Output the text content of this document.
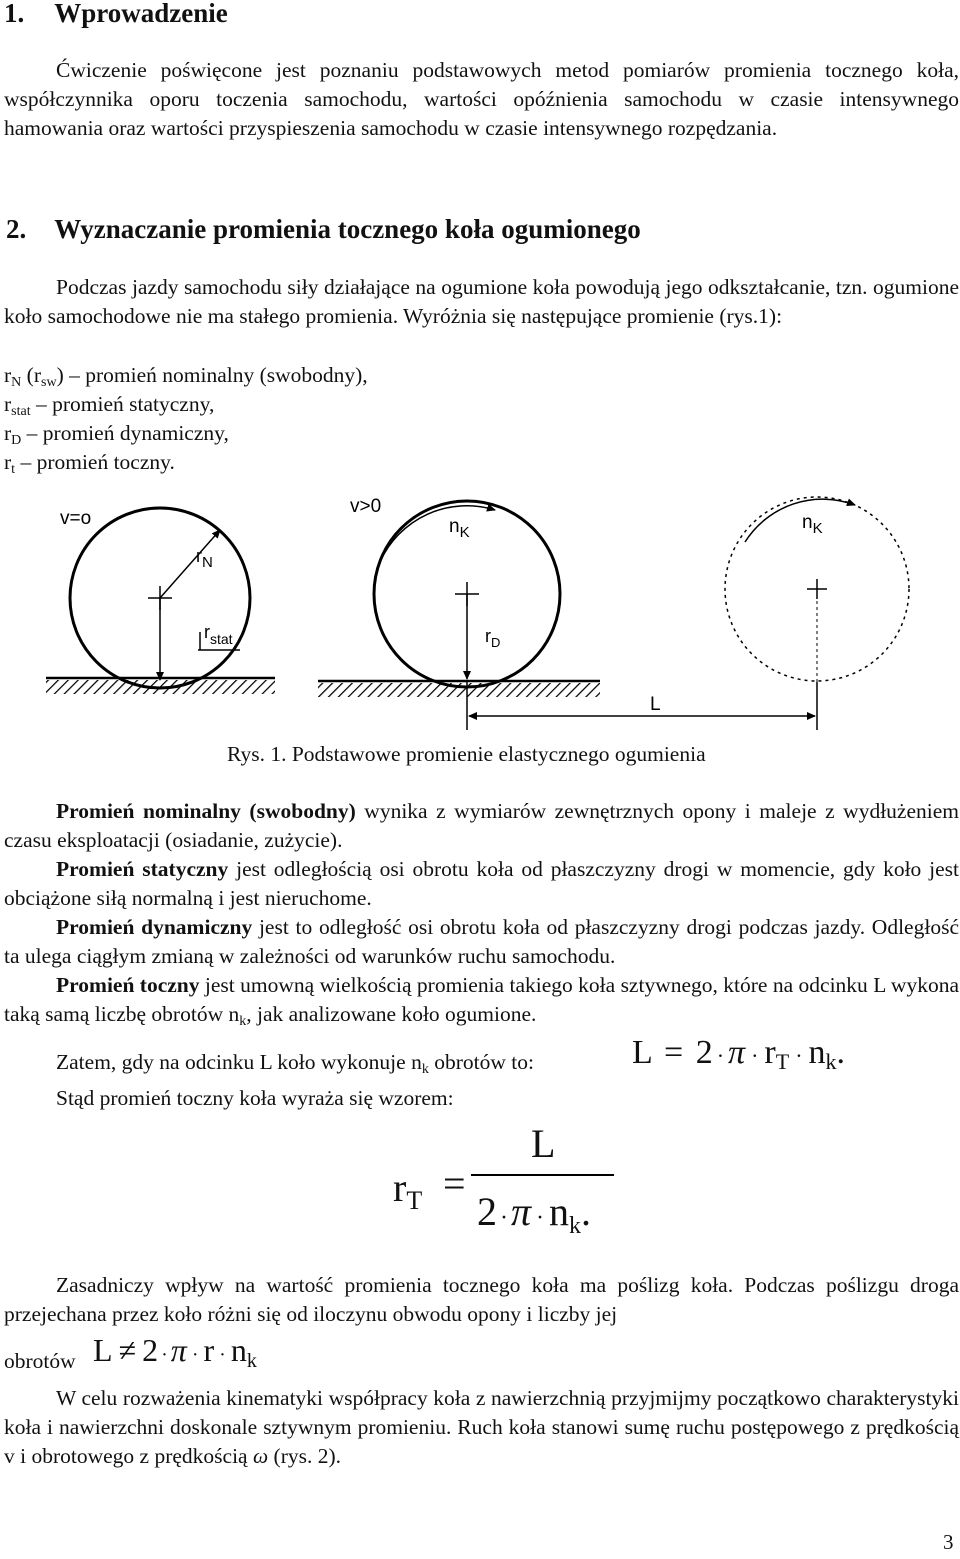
1. Wprowadzenie
Ćwiczenie poświęcone jest poznaniu podstawowych metod pomiarów promienia tocznego koła, współczynnika oporu toczenia samochodu, wartości opóźnienia samochodu w czasie intensywnego hamowania oraz wartości przyspieszenia samochodu w czasie intensywnego rozpędzania.
2. Wyznaczanie promienia tocznego koła ogumionego
Podczas jazdy samochodu siły działające na ogumione koła powodują jego odkształcanie, tzn. ogumione koło samochodowe nie ma stałego promienia. Wyróżnia się następujące promienie (rys.1):
$r_N$ $(r_{sw})$ – promień nominalny (swobodny),
$r_{stat}$ – promień statyczny,
$r_D$ – promień dynamiczny,
$r_t$ – promień toczny.
v=o
$r_N$
$r_{stat}$
v>0
$n_K$
$r_D$
$n_K$
L
Rys. 1. Podstawowe promienie elastycznego ogumienia
Promień nominalny (swobodny) wynika z wymiarów zewnętrznych opony i maleje z wydłużeniem czasu eksploatacji (osiadanie, zużycie).
Promień statyczny jest odległością osi obrotu koła od płaszczyzny drogi w momencie, gdy koło jest obciążone siłą normalną i jest nieruchome.
Promień dynamiczny jest to odległość osi obrotu koła od płaszczyzny drogi podczas jazdy. Odległość ta ulega ciągłym zmianą w zależności od warunków ruchu samochodu.
Promień toczny jest umowną wielkością promienia takiego koła sztywnego, które na odcinku L wykona taką samą liczbę obrotów $n_k$, jak analizowane koło ogumione.
Zatem, gdy na odcinku L koło wykonuje $n_k$ obrotów to:	$L = 2 \cdot \pi \cdot r_T \cdot n_k$.
Stąd promień toczny koła wyraża się wzorem:
$r_T$ =
L
$2 \cdot\pi \cdot n_k$.
Zasadniczy wpływ na wartość promienia tocznego koła ma poślizg koła. Podczas poślizgu droga przejechana przez koło różni się od iloczynu obwodu opony i liczby jej
obrotów $L \ne 2 \cdot\pi \cdot r \cdot n_k$
W celu rozważenia kinematyki współpracy koła z nawierzchnią przyjmijmy początkowo charakterystyki koła i nawierzchni doskonale sztywnym promieniu. Ruch koła stanowi sumę ruchu postępowego z prędkością v i obrotowego z prędkością ω (rys. 2).
3
